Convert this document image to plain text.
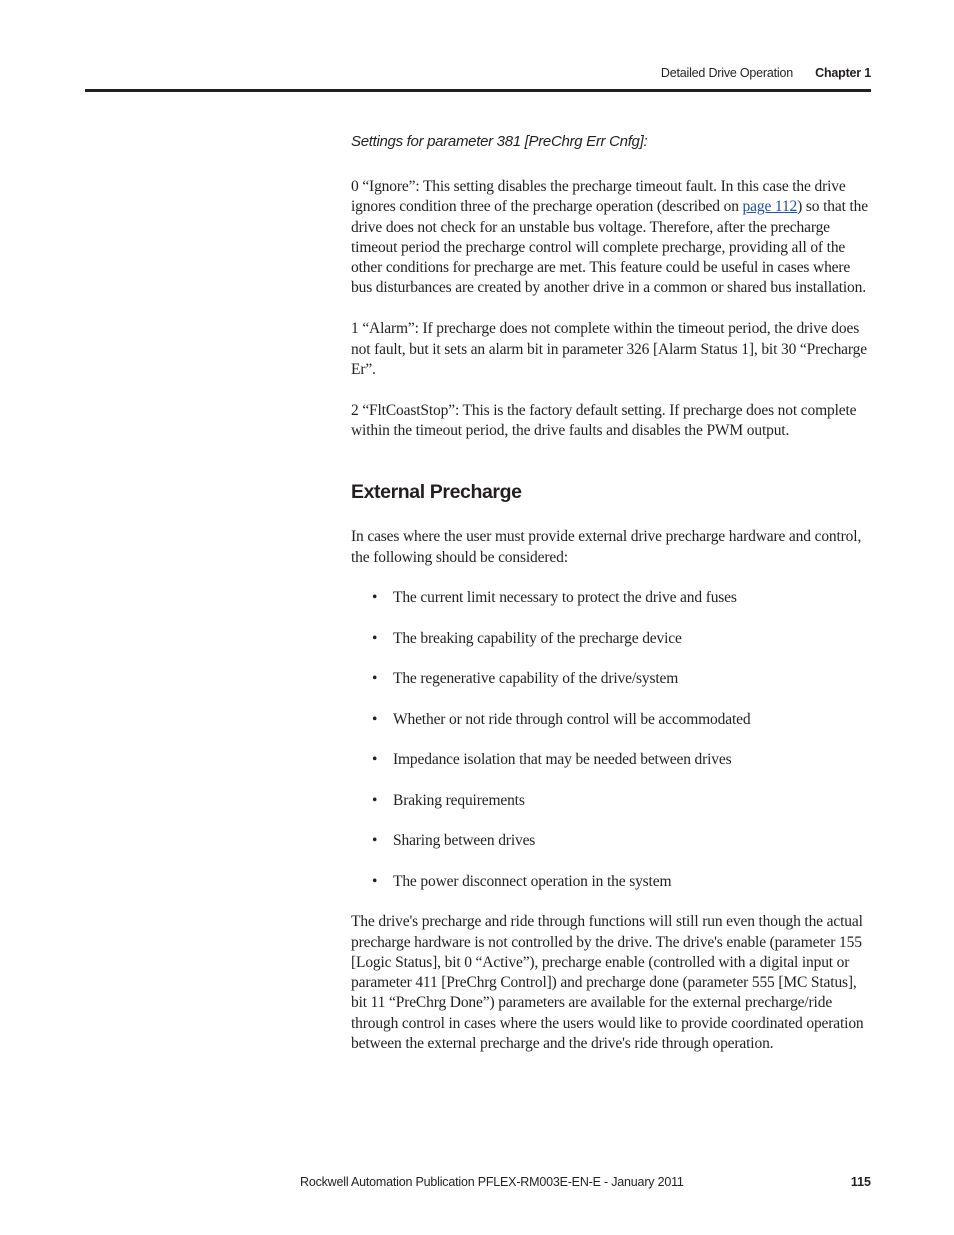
Detailed Drive Operation Chapter 1
Settings for parameter 381 [PreChrg Err Cnfg]:

0 “Ignore”: This setting disables the precharge timeout fault. In this case the drive ignores condition three of the precharge operation (described on page 112) so that the drive does not check for an unstable bus voltage. Therefore, after the precharge timeout period the precharge control will complete precharge, providing all of the other conditions for precharge are met. This feature could be useful in cases where bus disturbances are created by another drive in a common or shared bus installation.

1 “Alarm”: If precharge does not complete within the timeout period, the drive does not fault, but it sets an alarm bit in parameter 326 [Alarm Status 1], bit 30 “Precharge Er”.

2 “FltCoastStop”: This is the factory default setting. If precharge does not complete within the timeout period, the drive faults and disables the PWM output.

External Precharge

In cases where the user must provide external drive precharge hardware and control, the following should be considered:

• The current limit necessary to protect the drive and fuses
• The breaking capability of the precharge device
• The regenerative capability of the drive/system
• Whether or not ride through control will be accommodated
• Impedance isolation that may be needed between drives
• Braking requirements
• Sharing between drives
• The power disconnect operation in the system

The drive's precharge and ride through functions will still run even though the actual precharge hardware is not controlled by the drive. The drive's enable (parameter 155 [Logic Status], bit 0 “Active”), precharge enable (controlled with a digital input or parameter 411 [PreChrg Control]) and precharge done (parameter 555 [MC Status], bit 11 “PreChrg Done”) parameters are available for the external precharge/ride through control in cases where the users would like to provide coordinated operation between the external precharge and the drive's ride through operation.

Rockwell Automation Publication PFLEX-RM003E-EN-E - January 2011	115
